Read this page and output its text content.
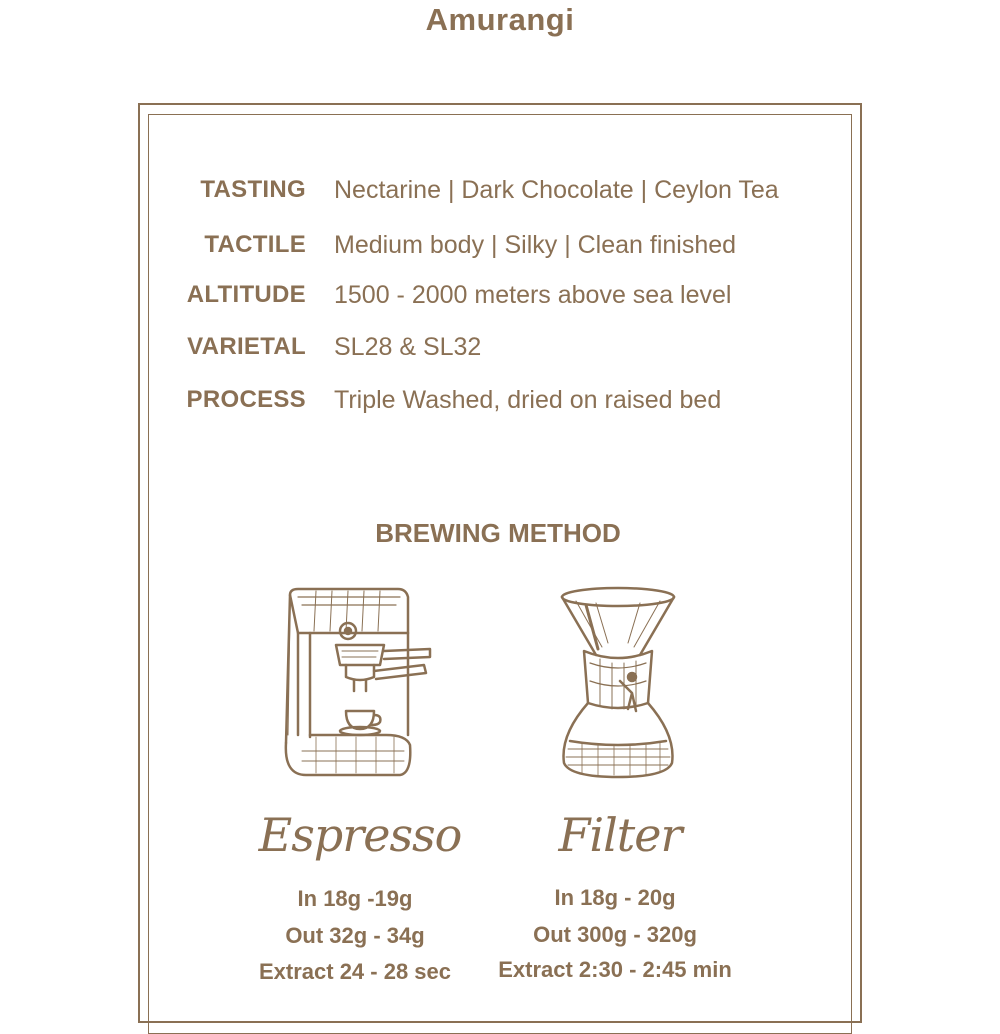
Amurangi
TASTING Nectarine | Dark Chocolate | Ceylon Tea
TACTILE Medium body | Silky | Clean finished
ALTITUDE 1500 - 2000 meters above sea level
VARIETAL SL28 & SL32
PROCESS Triple Washed, dried on raised bed
BREWING METHOD
Espresso	Filter
In 18g -19g
Out 32g - 34g
Extract 24 - 28 sec
In 18g - 20g
Out 300g - 320g
Extract 2:30 - 2:45 min
